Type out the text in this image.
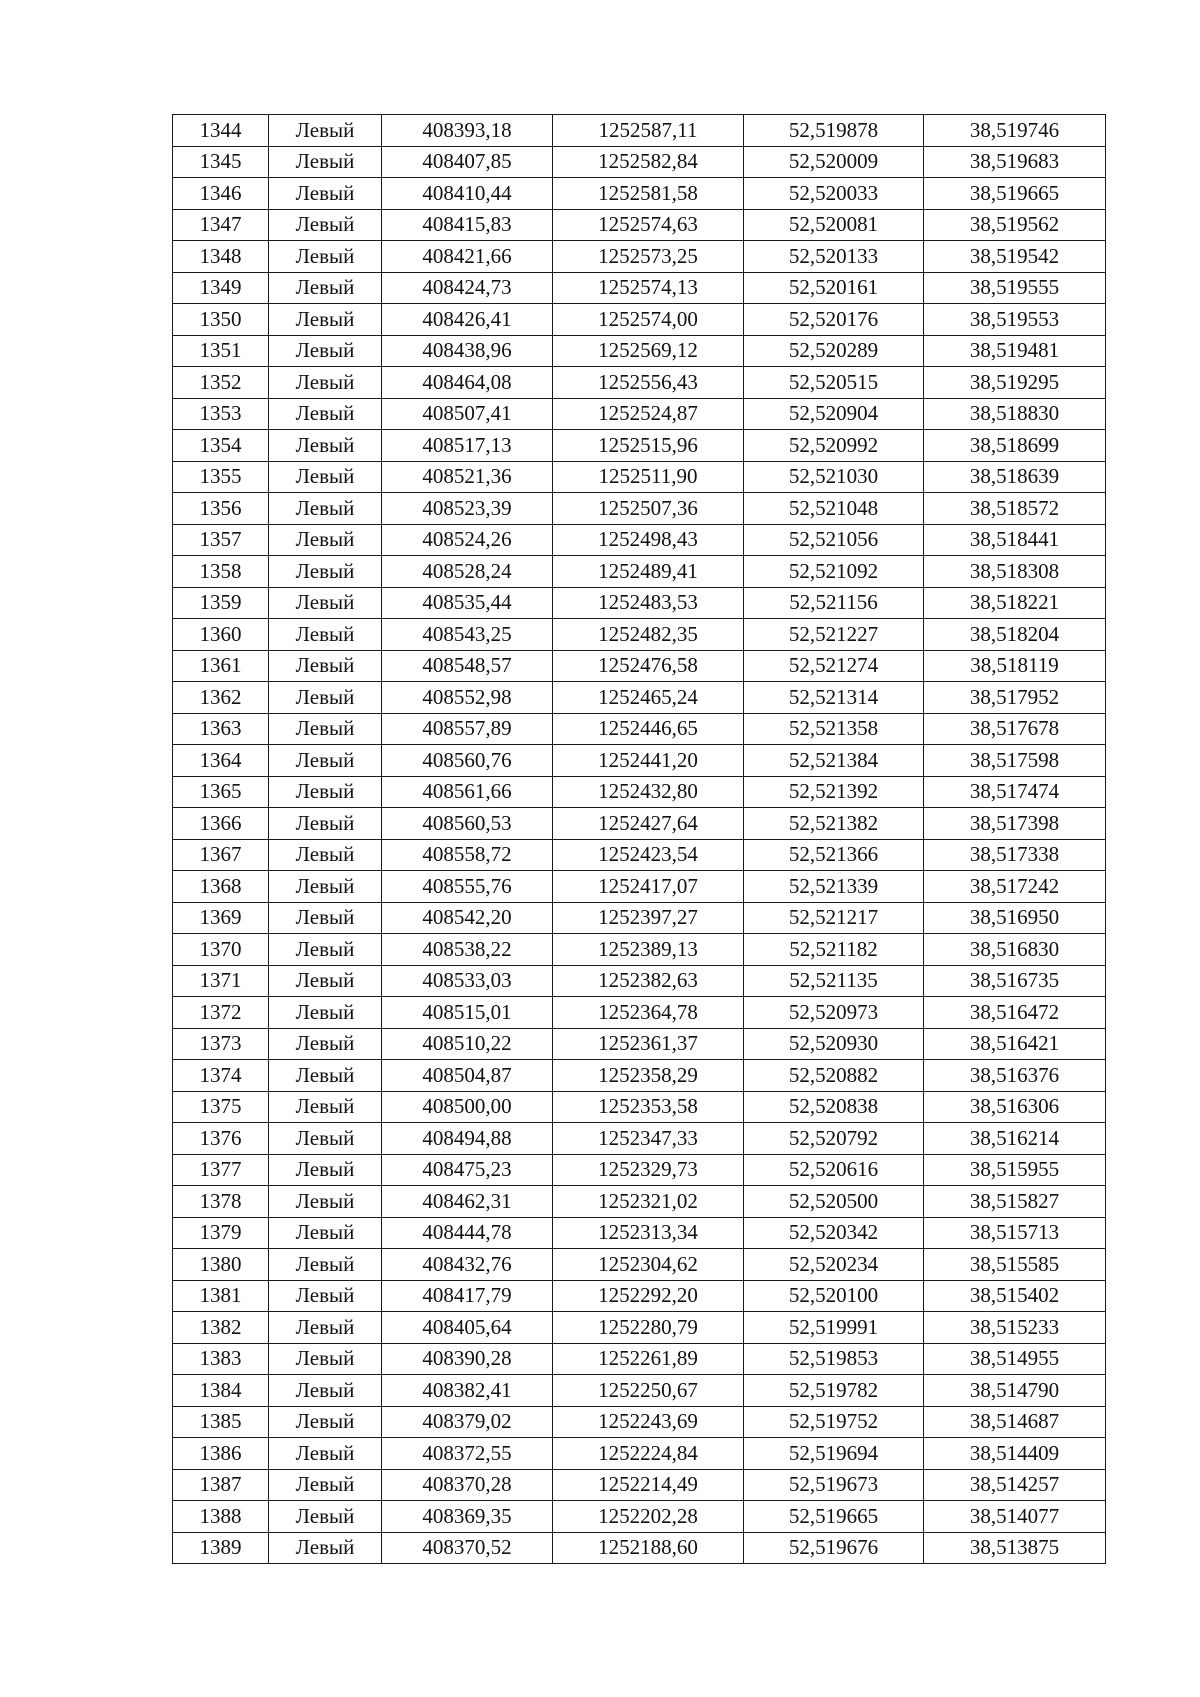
1344	Левый	408393,18	1252587,11	52,519878	38,519746
1345	Левый	408407,85	1252582,84	52,520009	38,519683
1346	Левый	408410,44	1252581,58	52,520033	38,519665
1347	Левый	408415,83	1252574,63	52,520081	38,519562
1348	Левый	408421,66	1252573,25	52,520133	38,519542
1349	Левый	408424,73	1252574,13	52,520161	38,519555
1350	Левый	408426,41	1252574,00	52,520176	38,519553
1351	Левый	408438,96	1252569,12	52,520289	38,519481
1352	Левый	408464,08	1252556,43	52,520515	38,519295
1353	Левый	408507,41	1252524,87	52,520904	38,518830
1354	Левый	408517,13	1252515,96	52,520992	38,518699
1355	Левый	408521,36	1252511,90	52,521030	38,518639
1356	Левый	408523,39	1252507,36	52,521048	38,518572
1357	Левый	408524,26	1252498,43	52,521056	38,518441
1358	Левый	408528,24	1252489,41	52,521092	38,518308
1359	Левый	408535,44	1252483,53	52,521156	38,518221
1360	Левый	408543,25	1252482,35	52,521227	38,518204
1361	Левый	408548,57	1252476,58	52,521274	38,518119
1362	Левый	408552,98	1252465,24	52,521314	38,517952
1363	Левый	408557,89	1252446,65	52,521358	38,517678
1364	Левый	408560,76	1252441,20	52,521384	38,517598
1365	Левый	408561,66	1252432,80	52,521392	38,517474
1366	Левый	408560,53	1252427,64	52,521382	38,517398
1367	Левый	408558,72	1252423,54	52,521366	38,517338
1368	Левый	408555,76	1252417,07	52,521339	38,517242
1369	Левый	408542,20	1252397,27	52,521217	38,516950
1370	Левый	408538,22	1252389,13	52,521182	38,516830
1371	Левый	408533,03	1252382,63	52,521135	38,516735
1372	Левый	408515,01	1252364,78	52,520973	38,516472
1373	Левый	408510,22	1252361,37	52,520930	38,516421
1374	Левый	408504,87	1252358,29	52,520882	38,516376
1375	Левый	408500,00	1252353,58	52,520838	38,516306
1376	Левый	408494,88	1252347,33	52,520792	38,516214
1377	Левый	408475,23	1252329,73	52,520616	38,515955
1378	Левый	408462,31	1252321,02	52,520500	38,515827
1379	Левый	408444,78	1252313,34	52,520342	38,515713
1380	Левый	408432,76	1252304,62	52,520234	38,515585
1381	Левый	408417,79	1252292,20	52,520100	38,515402
1382	Левый	408405,64	1252280,79	52,519991	38,515233
1383	Левый	408390,28	1252261,89	52,519853	38,514955
1384	Левый	408382,41	1252250,67	52,519782	38,514790
1385	Левый	408379,02	1252243,69	52,519752	38,514687
1386	Левый	408372,55	1252224,84	52,519694	38,514409
1387	Левый	408370,28	1252214,49	52,519673	38,514257
1388	Левый	408369,35	1252202,28	52,519665	38,514077
1389	Левый	408370,52	1252188,60	52,519676	38,513875
